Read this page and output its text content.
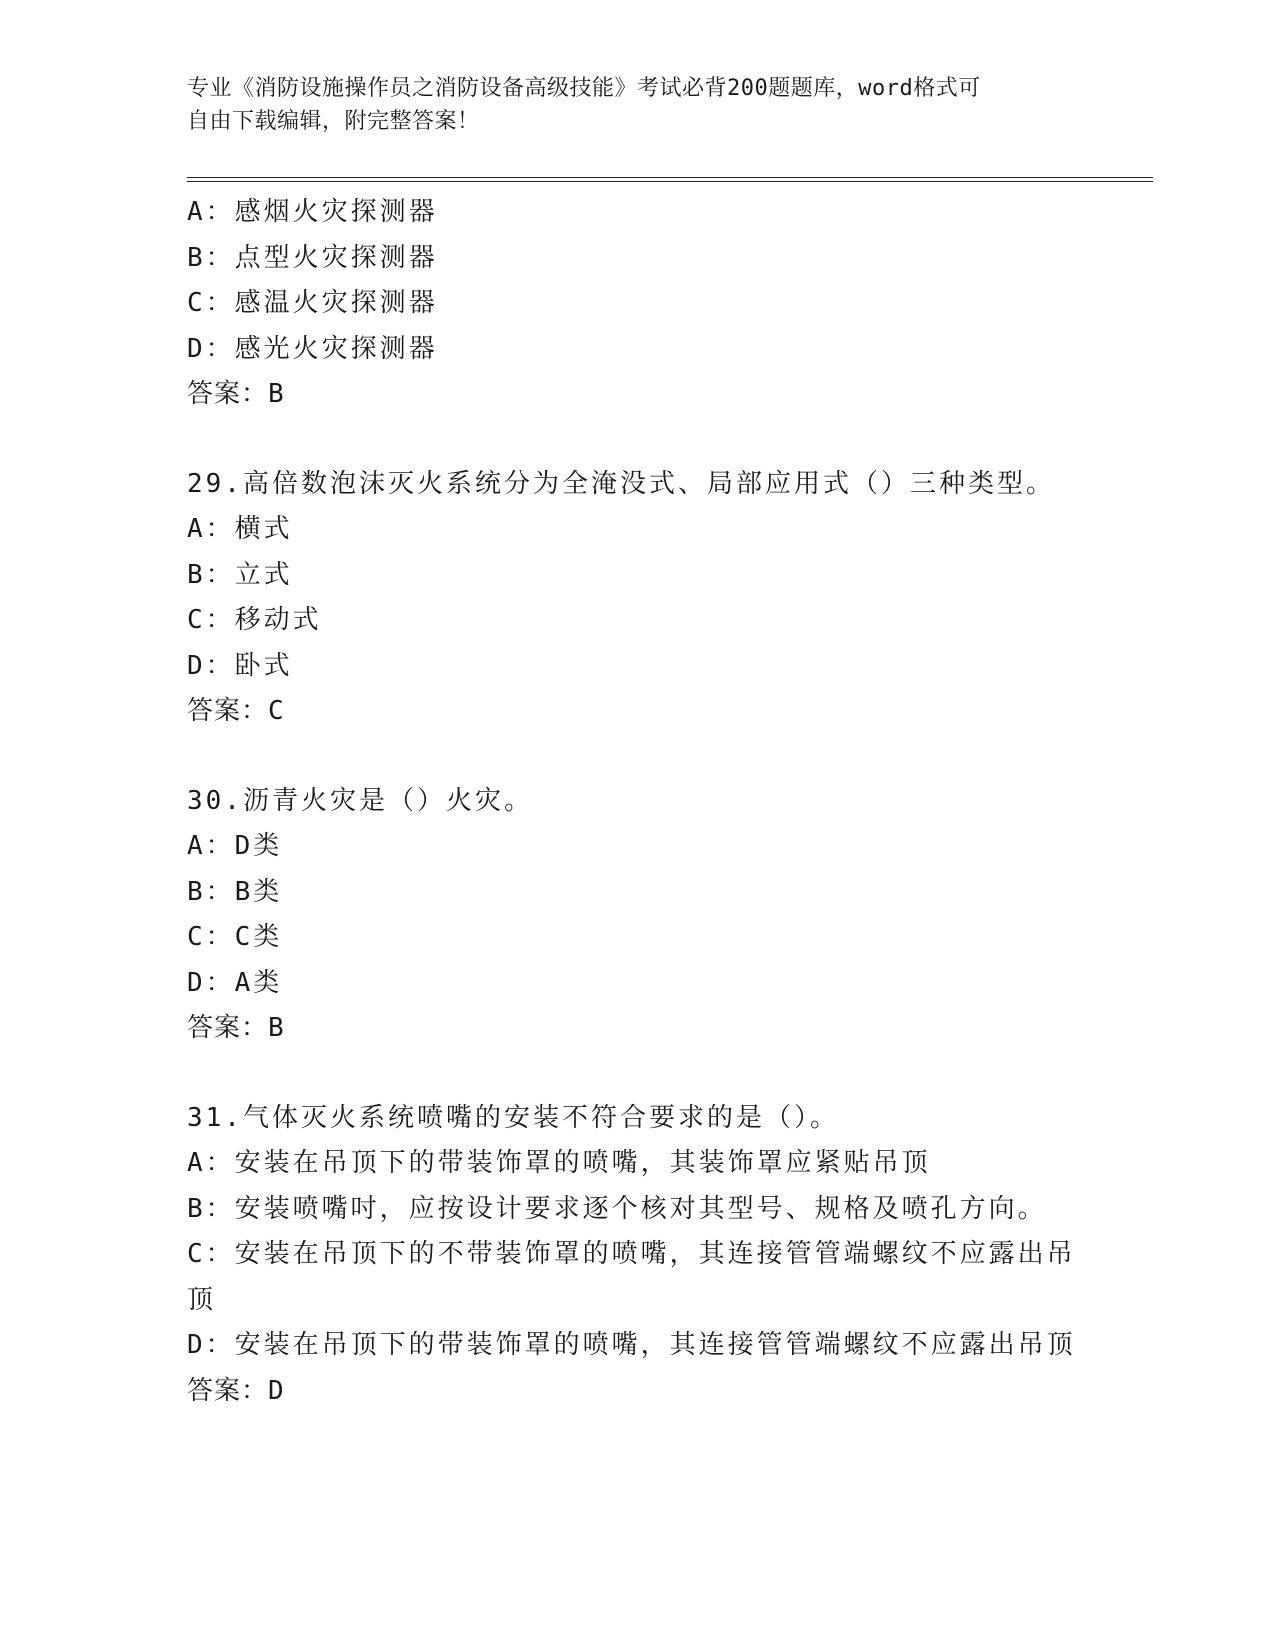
专业《消防设施操作员之消防设备高级技能》考试必背200题题库，word格式可
自由下载编辑，附完整答案！
A：感烟火灾探测器
B：点型火灾探测器
C：感温火灾探测器
D：感光火灾探测器
答案：B
29.高倍数泡沫灭火系统分为全淹没式、局部应用式（）三种类型。
A：横式
B：立式
C：移动式
D：卧式
答案：C
30.沥青火灾是（）火灾。
A：D类
B：B类
C：C类
D：A类
答案：B
31.气体灭火系统喷嘴的安装不符合要求的是（）。
A：安装在吊顶下的带装饰罩的喷嘴，其装饰罩应紧贴吊顶
B：安装喷嘴吋，应按设计要求逐个核对其型号、规格及喷孔方向。
C：安装在吊顶下的不带装饰罩的喷嘴，其连接管管端螺纹不应露出吊顶
D：安装在吊顶下的带装饰罩的喷嘴，其连接管管端螺纹不应露出吊顶
答案：D
